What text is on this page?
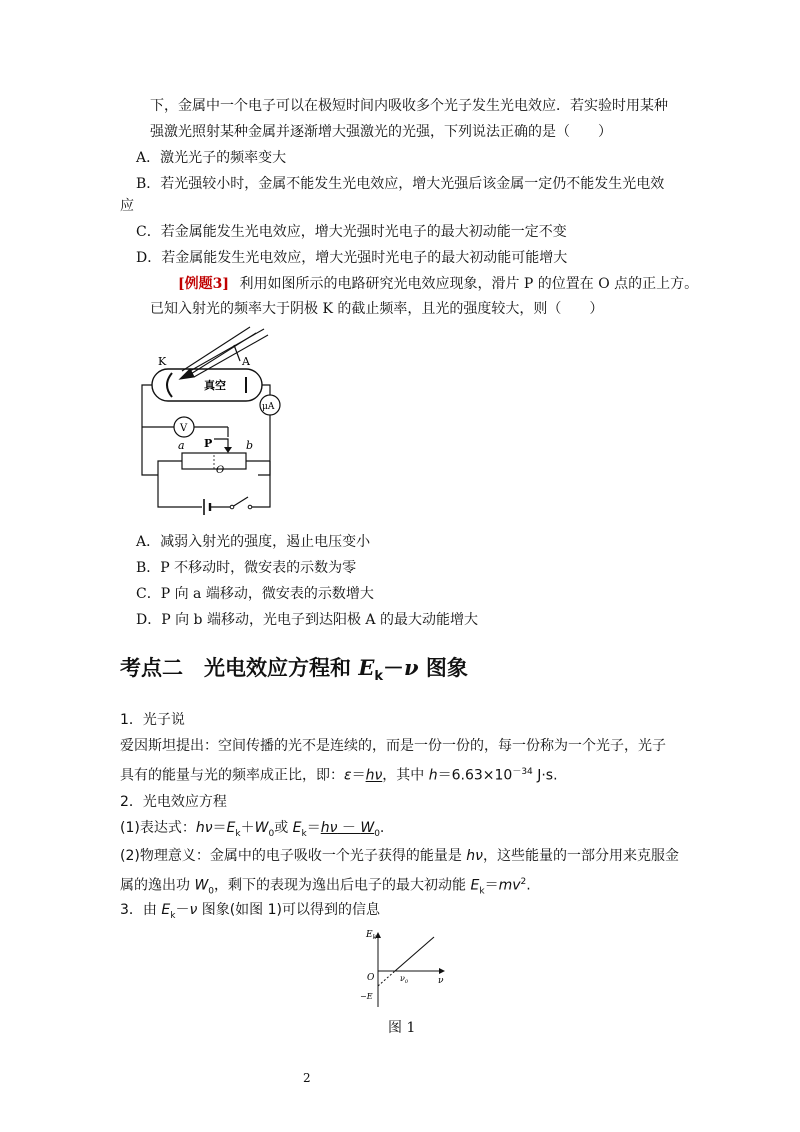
下，金属中一个电子可以在极短时间内吸收多个光子发生光电效应．若实验时用某种
强激光照射某种金属并逐渐增大强激光的光强，下列说法正确的是（　　）
A．激光光子的频率变大
B．若光强较小时，金属不能发生光电效应，增大光强后该金属一定仍不能发生光电效
应
C．若金属能发生光电效应，增大光强时光电子的最大初动能一定不变
D．若金属能发生光电效应，增大光强时光电子的最大初动能可能增大
[例题3] 利用如图所示的电路研究光电效应现象，滑片 P 的位置在 O 点的正上方。
已知入射光的频率大于阴极 K 的截止频率，且光的强度较大，则（　　）
K	A
真空
μA
V
P
a	b
O
A．减弱入射光的强度，遏止电压变小
B．P 不移动时，微安表的示数为零
C．P 向 a 端移动，微安表的示数增大
D．P 向 b 端移动，光电子到达阳极 A 的最大动能增大
考点二　光电效应方程和 $E_k-\nu$ 图象
1．光子说
爱因斯坦提出：空间传播的光不是连续的，而是一份一份的，每一份称为一个光子，光子
具有的能量与光的频率成正比，即：ε＝hν，其中 $h=6.63\times 10^{-34}$ J·s.
2．光电效应方程
(1)表达式：$h\nu=E_k+W_0$或 $E_k=h\nu - W_0$.
(2)物理意义：金属中的电子吸收一个光子获得的能量是 hν，这些能量的一部分用来克服金
属的逸出功 $W_0$，剩下的表现为逸出后电子的最大初动能 $E_k=mv^2$.
3．由 $E_k-\nu$ 图象(如图 1)可以得到的信息
$E_k$
ν
O	$\nu_0$
−E
图 1
2
